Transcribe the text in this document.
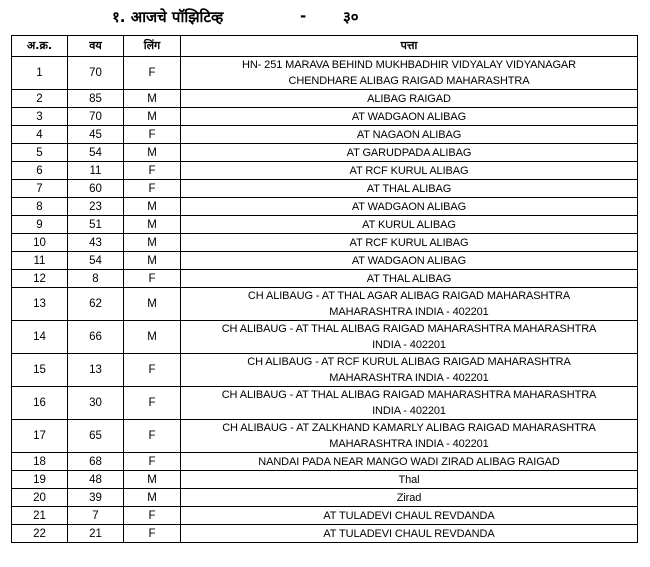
१. आजचे पॉझिटिव्ह	- ३०
अ.क्र.	वय	लिंग	पत्ता
1	70	F	HN- 251 MARAVA BEHIND MUKHBADHIR VIDYALAY VIDYANAGAR
CHENDHARE ALIBAG RAIGAD MAHARASHTRA

2	85	M	ALIBAG RAIGAD

3	70	M	AT WADGAON ALIBAG

4	45	F	AT NAGAON ALIBAG

5	54	M	AT GARUDPADA ALIBAG

6	11	F	AT RCF KURUL ALIBAG

7	60	F	AT THAL ALIBAG

8	23	M	AT WADGAON ALIBAG

9	51	M	AT KURUL ALIBAG

10	43	M	AT RCF KURUL ALIBAG

11	54	M	AT WADGAON ALIBAG

12	8	F	AT THAL ALIBAG

13	62	M	CH ALIBAUG - AT THAL AGAR ALIBAG RAIGAD MAHARASHTRA
MAHARASHTRA INDIA - 402201

14	66	M	CH ALIBAUG - AT THAL ALIBAG RAIGAD MAHARASHTRA MAHARASHTRA
INDIA - 402201

15	13	F	CH ALIBAUG - AT RCF KURUL ALIBAG RAIGAD MAHARASHTRA
MAHARASHTRA INDIA - 402201

16	30	F	CH ALIBAUG - AT THAL ALIBAG RAIGAD MAHARASHTRA MAHARASHTRA
INDIA - 402201

17	65	F	CH ALIBAUG - AT ZALKHAND KAMARLY ALIBAG RAIGAD MAHARASHTRA
MAHARASHTRA INDIA - 402201

18	68	F	NANDAI PADA NEAR MANGO WADI ZIRAD ALIBAG RAIGAD

19	48	M	Thal

20	39	M	Zirad

21	7	F	AT TULADEVI CHAUL REVDANDA

22	21	F	AT TULADEVI CHAUL REVDANDA
